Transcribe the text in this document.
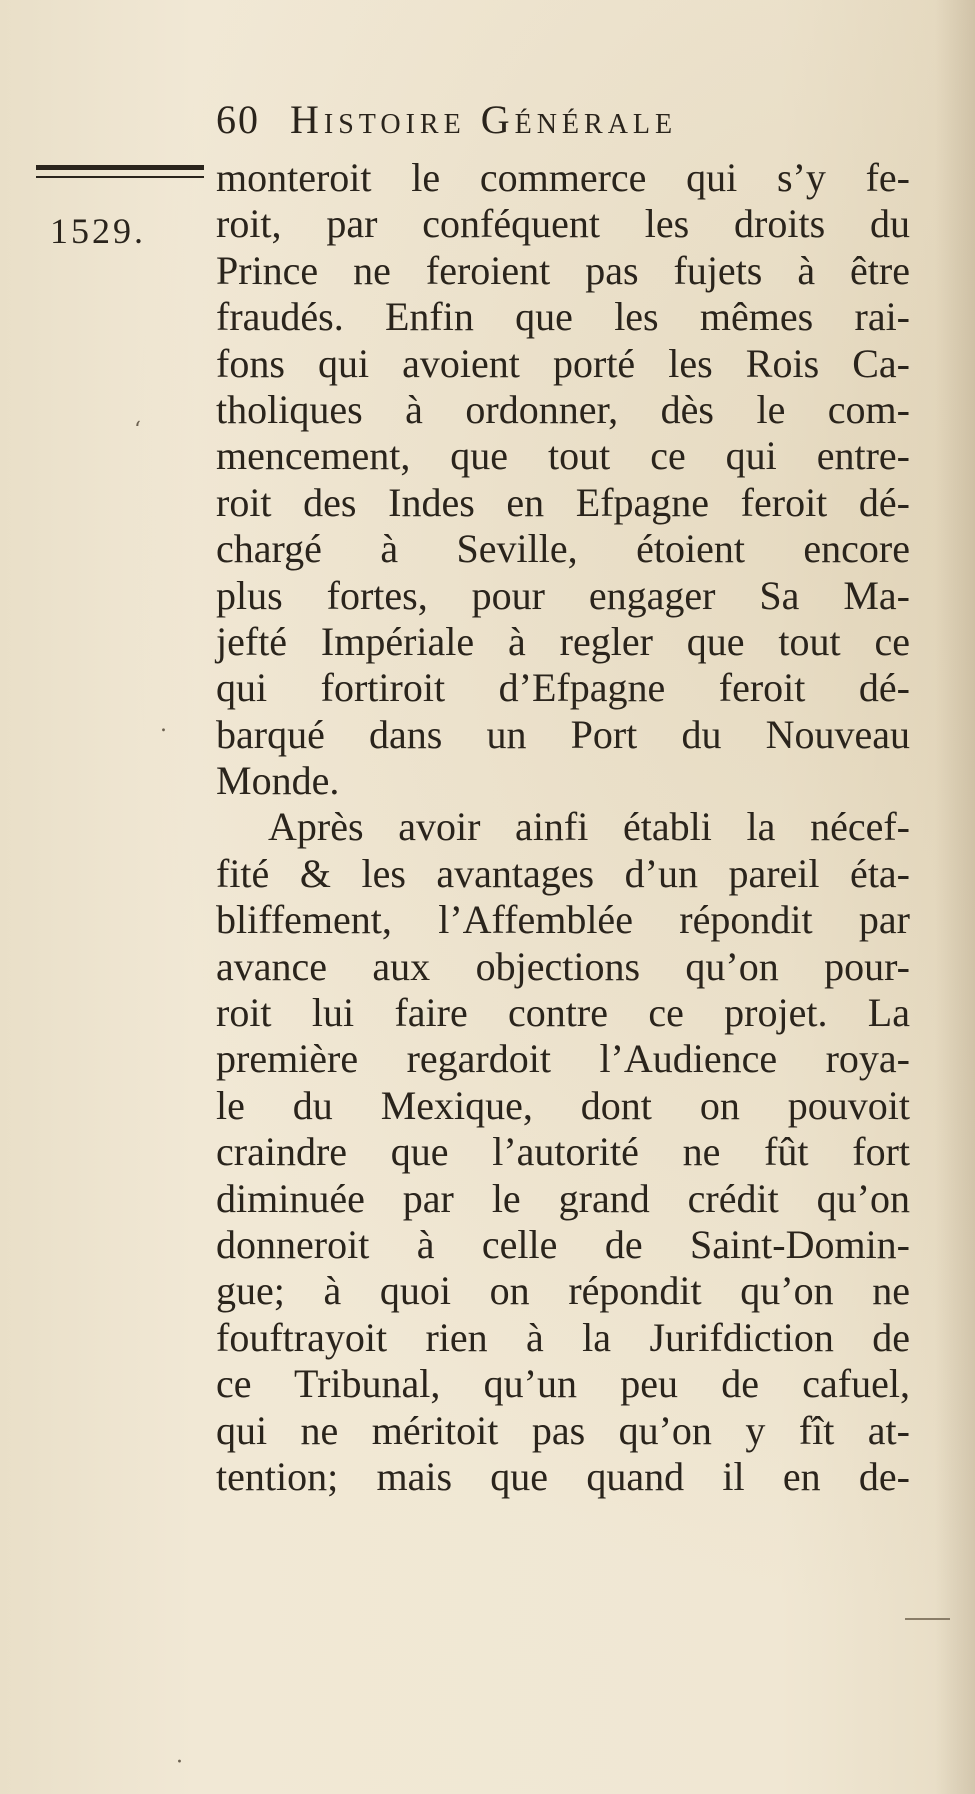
60 Histoire Générale
1529.
‘
.
·
monteroit le commerce qui s’y fe-
roit, par conféquent les droits du
Prince ne feroient pas fujets à être
fraudés. Enfin que les mêmes rai-
fons qui avoient porté les Rois Ca-
tholiques à ordonner, dès le com-
mencement, que tout ce qui entre-
roit des Indes en Efpagne feroit dé-
chargé à Seville, étoient encore
plus fortes, pour engager Sa Ma-
jefté Impériale à regler que tout ce
qui fortiroit d’Efpagne feroit dé-
barqué dans un Port du Nouveau
Monde.
Après avoir ainfi établi la nécef-
fité & les avantages d’un pareil éta-
bliffement, l’Affemblée répondit par
avance aux objections qu’on pour-
roit lui faire contre ce projet. La
première regardoit l’Audience roya-
le du Mexique, dont on pouvoit
craindre que l’autorité ne fût fort
diminuée par le grand crédit qu’on
donneroit à celle de Saint-Domin-
gue; à quoi on répondit qu’on ne
fouftrayoit rien à la Jurifdiction de
ce Tribunal, qu’un peu de cafuel,
qui ne méritoit pas qu’on y fît at-
tention; mais que quand il en de-
